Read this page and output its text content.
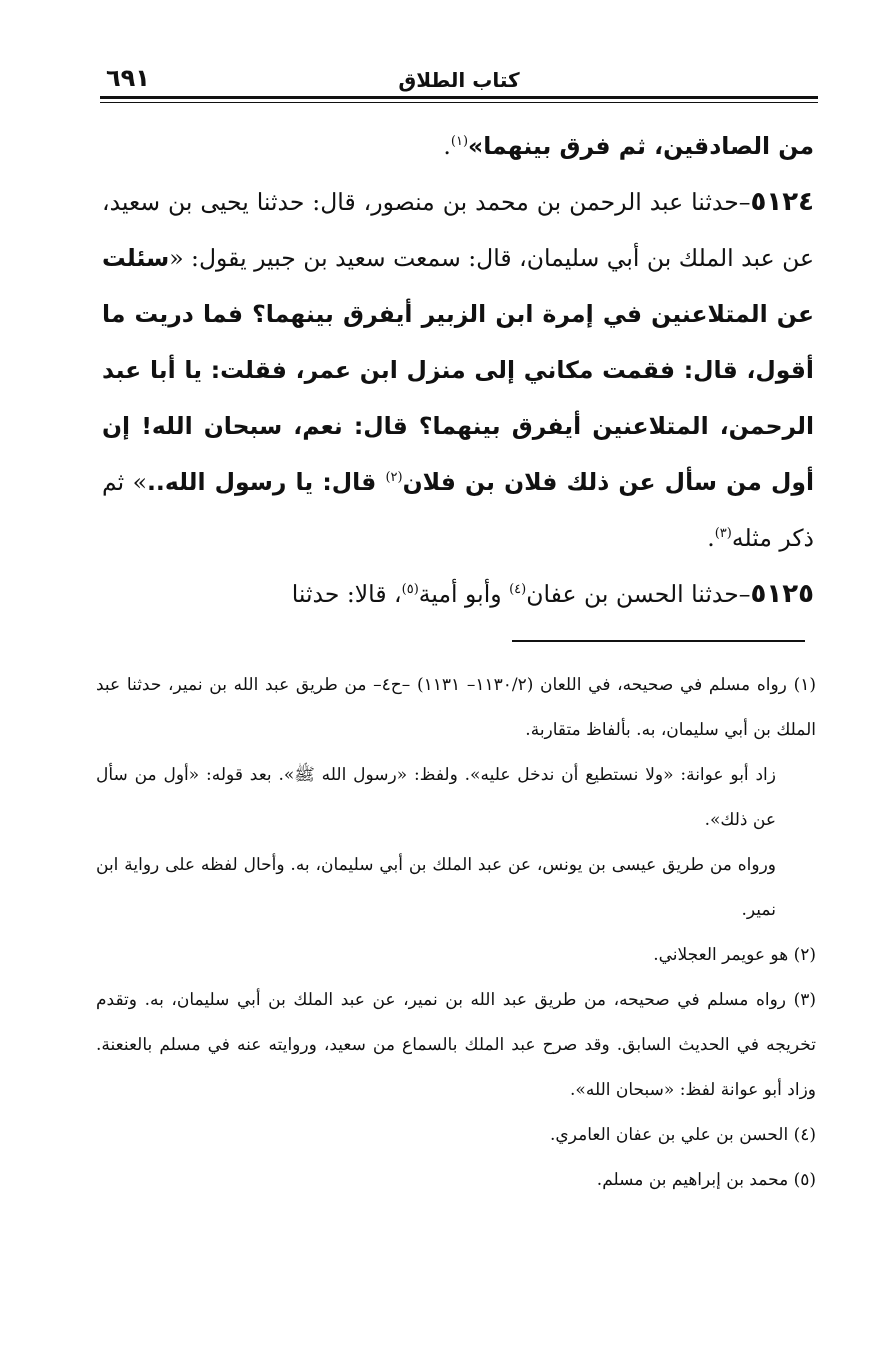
٦٩١	كتاب الطلاق

من الصادقين، ثم فرق بينهما»$^{(١)}$.

٥١٢٤–حدثنا عبد الرحمن بن محمد بن منصور، قال: حدثنا يحيى بن سعيد، عن عبد الملك بن أبي سليمان، قال: سمعت سعيد بن جبير يقول: «سئلت عن المتلاعنين في إمرة ابن الزبير أيفرق بينهما؟ فما دريت ما أقول، قال: فقمت مكاني إلى منزل ابن عمر، فقلت: يا أبا عبد الرحمن، المتلاعنين أيفرق بينهما؟ قال: نعم، سبحان الله! إن أول من سأل عن ذلك فلان بن فلان$^{(٢)}$ قال: يا رسول الله..» ثم ذكر مثله$^{(٣)}$.

٥١٢٥–حدثنا الحسن بن عفان$^{(٤)}$ وأبو أمية$^{(٥)}$، قالا: حدثنا

(١) رواه مسلم في صحيحه، في اللعان (١١٣٠/٢– ١١٣١) –ح٤– من طريق عبد الله بن نمير، حدثنا عبد الملك بن أبي سليمان، به. بألفاظ متقاربة.

زاد أبو عوانة: «ولا نستطيع أن ندخل عليه». ولفظ: «رسول الله ﷺ». بعد قوله: «أول من سأل عن ذلك».

ورواه من طريق عيسى بن يونس، عن عبد الملك بن أبي سليمان، به. وأحال لفظه على رواية ابن نمير.

(٢) هو عويمر العجلاني.

(٣) رواه مسلم في صحيحه، من طريق عبد الله بن نمير، عن عبد الملك بن أبي سليمان، به. وتقدم تخريجه في الحديث السابق. وقد صرح عبد الملك بالسماع من سعيد، وروايته عنه في مسلم بالعنعنة. وزاد أبو عوانة لفظ: «سبحان الله».

(٤) الحسن بن علي بن عفان العامري.

(٥) محمد بن إبراهيم بن مسلم.
